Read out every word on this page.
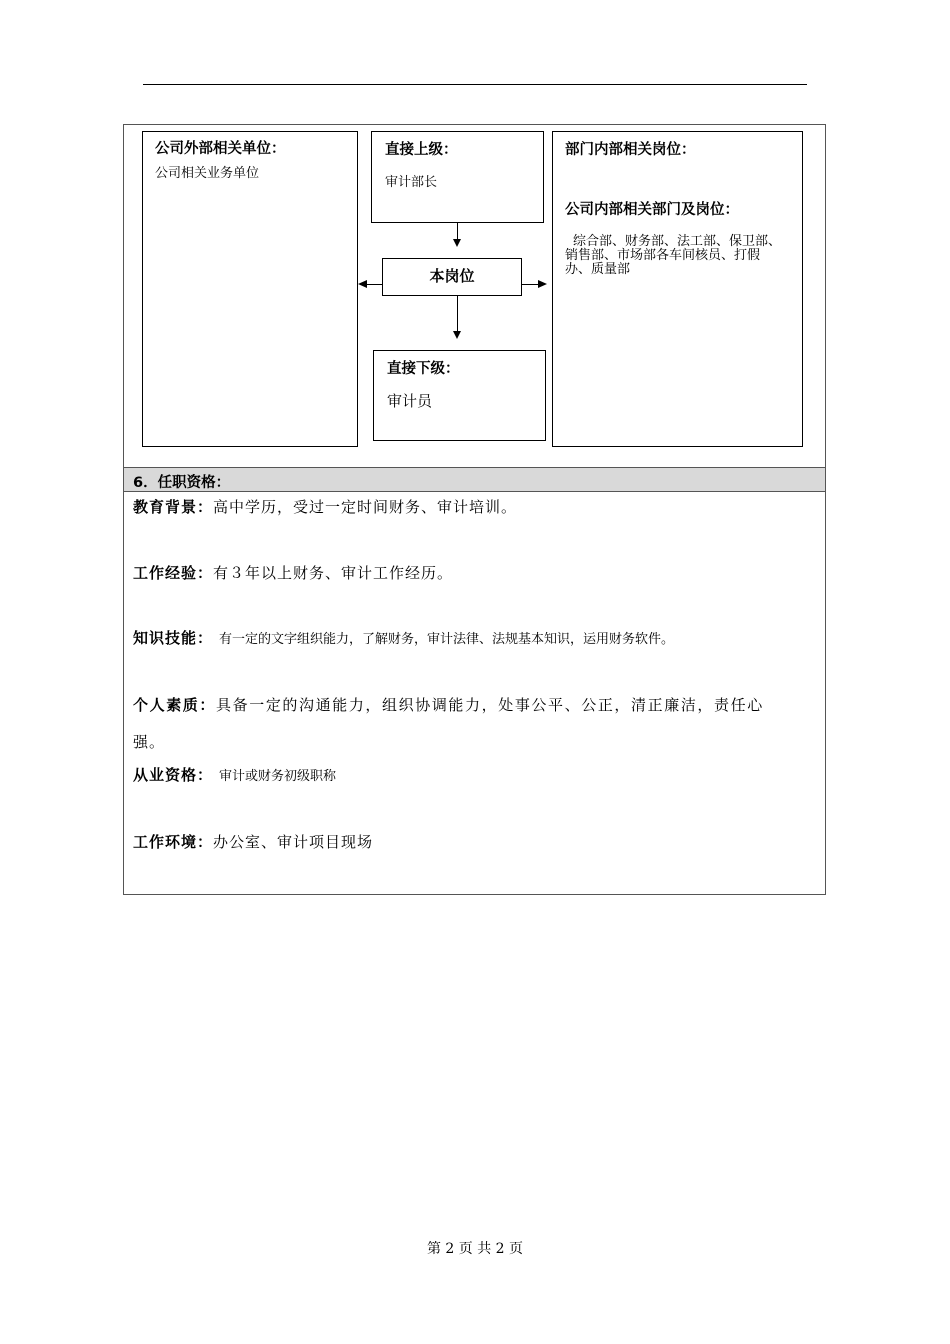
公司外部相关单位：
公司相关业务单位
直接上级：
审计部长
本岗位
直接下级：
审计员
部门内部相关岗位：
公司内部相关部门及岗位：
综合部、财务部、法工部、保卫部、
销售部、市场部各车间核员、打假
办、质量部
6．任职资格：
教育背景：高中学历，受过一定时间财务、审计培训。
工作经验：有３年以上财务、审计工作经历。
知识技能： 有一定的文字组织能力，了解财务，审计法律、法规基本知识，运用财务软件。
个人素质：具备一定的沟通能力，组织协调能力，处事公平、公正，清正廉洁，责任心
强。
从业资格： 审计或财务初级职称
工作环境：办公室、审计项目现场
第 2 页 共 2 页
